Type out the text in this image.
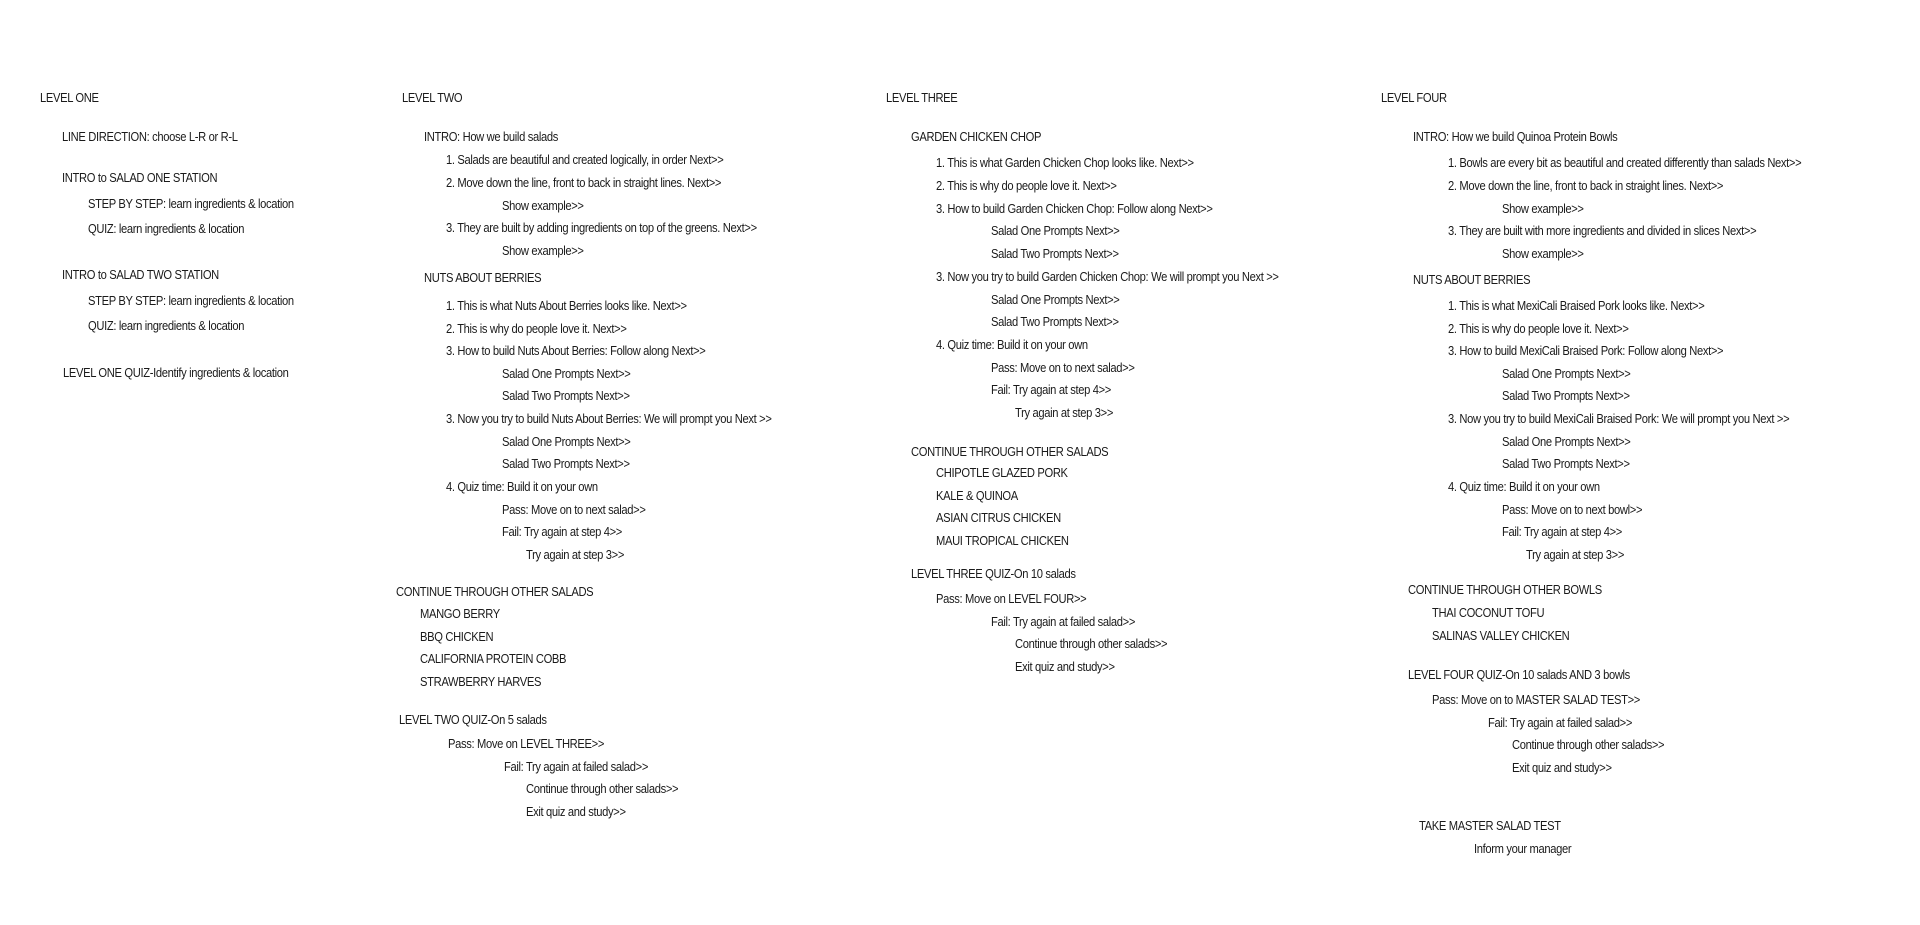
LEVEL ONE
LINE DIRECTION: choose L-R or R-L
INTRO to SALAD ONE STATION
STEP BY STEP: learn ingredients & location
QUIZ: learn ingredients & location
INTRO to SALAD TWO STATION
STEP BY STEP: learn ingredients & location
QUIZ: learn ingredients & location
LEVEL ONE QUIZ-Identify ingredients & location
LEVEL TWO
INTRO: How we build salads
1. Salads are beautiful and created logically, in order Next>>
2. Move down the line, front to back in straight lines. Next>>
Show example>>
3. They are built by adding ingredients on top of the greens. Next>>
Show example>>
NUTS ABOUT BERRIES
1. This is what Nuts About Berries looks like. Next>>
2. This is why do people love it. Next>>
3. How to build Nuts About Berries: Follow along Next>>
Salad One Prompts Next>>
Salad Two Prompts Next>>
3. Now you try to build Nuts About Berries: We will prompt you Next >>
Salad One Prompts Next>>
Salad Two Prompts Next>>
4. Quiz time: Build it on your own
Pass: Move on to next salad>>
Fail: Try again at step 4>>
Try again at step 3>>
CONTINUE THROUGH OTHER SALADS
MANGO BERRY
BBQ CHICKEN
CALIFORNIA PROTEIN COBB
STRAWBERRY HARVES
LEVEL TWO QUIZ-On 5 salads
Pass: Move on LEVEL THREE>>
Fail: Try again at failed salad>>
Continue through other salads>>
Exit quiz and study>>
LEVEL THREE
GARDEN CHICKEN CHOP
1. This is what Garden Chicken Chop looks like. Next>>
2. This is why do people love it. Next>>
3. How to build Garden Chicken Chop: Follow along Next>>
Salad One Prompts Next>>
Salad Two Prompts Next>>
3. Now you try to build Garden Chicken Chop: We will prompt you Next >>
Salad One Prompts Next>>
Salad Two Prompts Next>>
4. Quiz time: Build it on your own
Pass: Move on to next salad>>
Fail: Try again at step 4>>
Try again at step 3>>
CONTINUE THROUGH OTHER SALADS
CHIPOTLE GLAZED PORK
KALE & QUINOA
ASIAN CITRUS CHICKEN
MAUI TROPICAL CHICKEN
LEVEL THREE QUIZ-On 10 salads
Pass: Move on LEVEL FOUR>>
Fail: Try again at failed salad>>
Continue through other salads>>
Exit quiz and study>>
LEVEL FOUR
INTRO: How we build Quinoa Protein Bowls
1. Bowls are every bit as beautiful and created differently than salads Next>>
2. Move down the line, front to back in straight lines. Next>>
Show example>>
3. They are built with more ingredients and divided in slices Next>>
Show example>>
NUTS ABOUT BERRIES
1. This is what MexiCali Braised Pork looks like. Next>>
2. This is why do people love it. Next>>
3. How to build MexiCali Braised Pork: Follow along Next>>
Salad One Prompts Next>>
Salad Two Prompts Next>>
3. Now you try to build MexiCali Braised Pork: We will prompt you Next >>
Salad One Prompts Next>>
Salad Two Prompts Next>>
4. Quiz time: Build it on your own
Pass: Move on to next bowl>>
Fail: Try again at step 4>>
Try again at step 3>>
CONTINUE THROUGH OTHER BOWLS
THAI COCONUT TOFU
SALINAS VALLEY CHICKEN
LEVEL FOUR QUIZ-On 10 salads AND 3 bowls
Pass: Move on to MASTER SALAD TEST>>
Fail: Try again at failed salad>>
Continue through other salads>>
Exit quiz and study>>
TAKE MASTER SALAD TEST
Inform your manager
